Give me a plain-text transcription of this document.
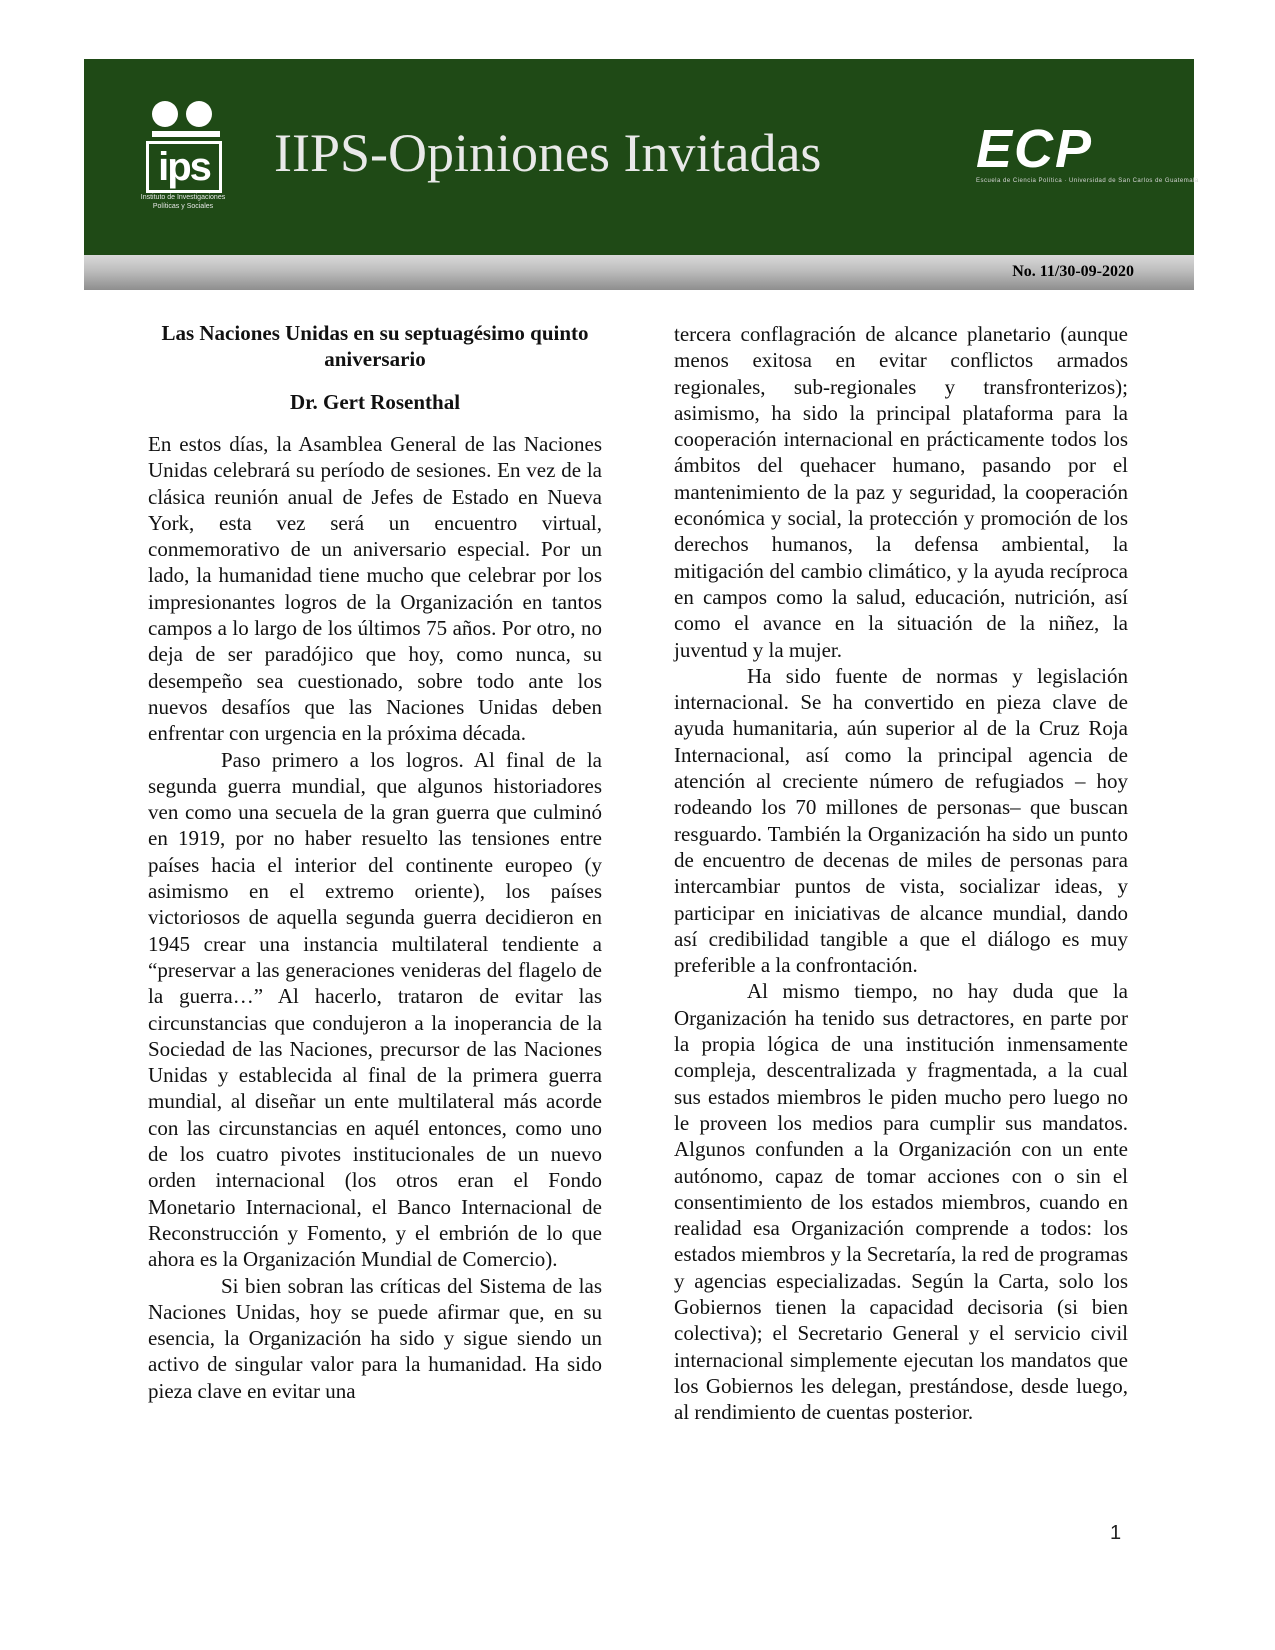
ips
Instituto de Investigaciones Políticas y Sociales
IIPS-Opiniones Invitadas	ECP
Escuela de Ciencia Política · Universidad de San Carlos de Guatemala
No. 11/30-09-2020
Las Naciones Unidas en su septuagésimo quinto aniversario
Dr. Gert Rosenthal

En estos días, la Asamblea General de las Naciones Unidas celebrará su período de sesiones. En vez de la clásica reunión anual de Jefes de Estado en Nueva York, esta vez será un encuentro virtual, conmemorativo de un aniversario especial. Por un lado, la humanidad tiene mucho que celebrar por los impresionantes logros de la Organización en tantos campos a lo largo de los últimos 75 años. Por otro, no deja de ser paradójico que hoy, como nunca, su desempeño sea cuestionado, sobre todo ante los nuevos desafíos que las Naciones Unidas deben enfrentar con urgencia en la próxima década.

Paso primero a los logros. Al final de la segunda guerra mundial, que algunos historiadores ven como una secuela de la gran guerra que culminó en 1919, por no haber resuelto las tensiones entre países hacia el interior del continente europeo (y asimismo en el extremo oriente), los países victoriosos de aquella segunda guerra decidieron en 1945 crear una instancia multilateral tendiente a “preservar a las generaciones venideras del flagelo de la guerra…” Al hacerlo, trataron de evitar las circunstancias que condujeron a la inoperancia de la Sociedad de las Naciones, precursor de las Naciones Unidas y establecida al final de la primera guerra mundial, al diseñar un ente multilateral más acorde con las circunstancias en aquél entonces, como uno de los cuatro pivotes institucionales de un nuevo orden internacional (los otros eran el Fondo Monetario Internacional, el Banco Internacional de Reconstrucción y Fomento, y el embrión de lo que ahora es la Organización Mundial de Comercio).

Si bien sobran las críticas del Sistema de las Naciones Unidas, hoy se puede afirmar que, en su esencia, la Organización ha sido y sigue siendo un activo de singular valor para la humanidad. Ha sido pieza clave en evitar una

tercera conflagración de alcance planetario (aunque menos exitosa en evitar conflictos armados regionales, sub-regionales y transfronterizos); asimismo, ha sido la principal plataforma para la cooperación internacional en prácticamente todos los ámbitos del quehacer humano, pasando por el mantenimiento de la paz y seguridad, la cooperación económica y social, la protección y promoción de los derechos humanos, la defensa ambiental, la mitigación del cambio climático, y la ayuda recíproca en campos como la salud, educación, nutrición, así como el avance en la situación de la niñez, la juventud y la mujer.

Ha sido fuente de normas y legislación internacional. Se ha convertido en pieza clave de ayuda humanitaria, aún superior al de la Cruz Roja Internacional, así como la principal agencia de atención al creciente número de refugiados – hoy rodeando los 70 millones de personas– que buscan resguardo. También la Organización ha sido un punto de encuentro de decenas de miles de personas para intercambiar puntos de vista, socializar ideas, y participar en iniciativas de alcance mundial, dando así credibilidad tangible a que el diálogo es muy preferible a la confrontación.

Al mismo tiempo, no hay duda que la Organización ha tenido sus detractores, en parte por la propia lógica de una institución inmensamente compleja, descentralizada y fragmentada, a la cual sus estados miembros le piden mucho pero luego no le proveen los medios para cumplir sus mandatos. Algunos confunden a la Organización con un ente autónomo, capaz de tomar acciones con o sin el consentimiento de los estados miembros, cuando en realidad esa Organización comprende a todos: los estados miembros y la Secretaría, la red de programas y agencias especializadas. Según la Carta, solo los Gobiernos tienen la capacidad decisoria (si bien colectiva); el Secretario General y el servicio civil internacional simplemente ejecutan los mandatos que los Gobiernos les delegan, prestándose, desde luego, al rendimiento de cuentas posterior.

1
